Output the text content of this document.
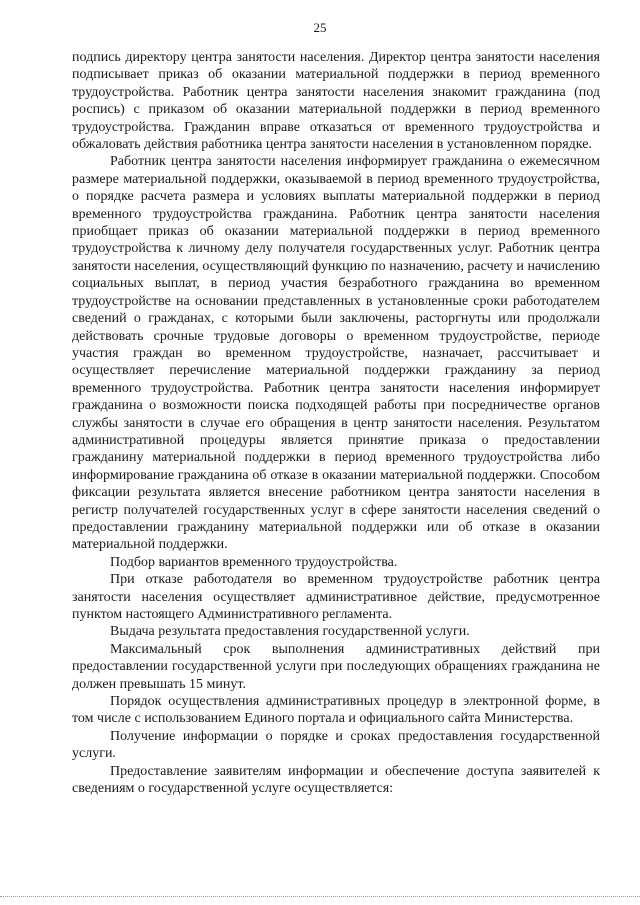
25

подпись директору центра занятости населения. Директор центра занятости населения подписывает приказ об оказании материальной поддержки в период временного трудоустройства. Работник центра занятости населения знакомит гражданина (под роспись) с приказом об оказании материальной поддержки в период временного трудоустройства. Гражданин вправе отказаться от временного трудоустройства и обжаловать действия работника центра занятости населения в установленном порядке.

Работник центра занятости населения информирует гражданина о ежемесячном размере материальной поддержки, оказываемой в период временного трудоустройства, о порядке расчета размера и условиях выплаты материальной поддержки в период временного трудоустройства гражданина. Работник центра занятости населения приобщает приказ об оказании материальной поддержки в период временного трудоустройства к личному делу получателя государственных услуг. Работник центра занятости населения, осуществляющий функцию по назначению, расчету и начислению социальных выплат, в период участия безработного гражданина во временном трудоустройстве на основании представленных в установленные сроки работодателем сведений о гражданах, с которыми были заключены, расторгнуты или продолжали действовать срочные трудовые договоры о временном трудоустройстве, периоде участия граждан во временном трудоустройстве, назначает, рассчитывает и осуществляет перечисление материальной поддержки гражданину за период временного трудоустройства. Работник центра занятости населения информирует гражданина о возможности поиска подходящей работы при посредничестве органов службы занятости в случае его обращения в центр занятости населения. Результатом административной процедуры является принятие приказа о предоставлении гражданину материальной поддержки в период временного трудоустройства либо информирование гражданина об отказе в оказании материальной поддержки. Способом фиксации результата является внесение работником центра занятости населения в регистр получателей государственных услуг в сфере занятости населения сведений о предоставлении гражданину материальной поддержки или об отказе в оказании материальной поддержки.

Подбор вариантов временного трудоустройства.

При отказе работодателя во временном трудоустройстве работник центра занятости населения осуществляет административное действие, предусмотренное пунктом настоящего Административного регламента.

Выдача результата предоставления государственной услуги.

Максимальный срок выполнения административных действий при предоставлении государственной услуги при последующих обращениях гражданина не должен превышать 15 минут.

Порядок осуществления административных процедур в электронной форме, в том числе с использованием Единого портала и официального сайта Министерства.

Получение информации о порядке и сроках предоставления государственной услуги.

Предоставление заявителям информации и обеспечение доступа заявителей к сведениям о государственной услуге осуществляется:
